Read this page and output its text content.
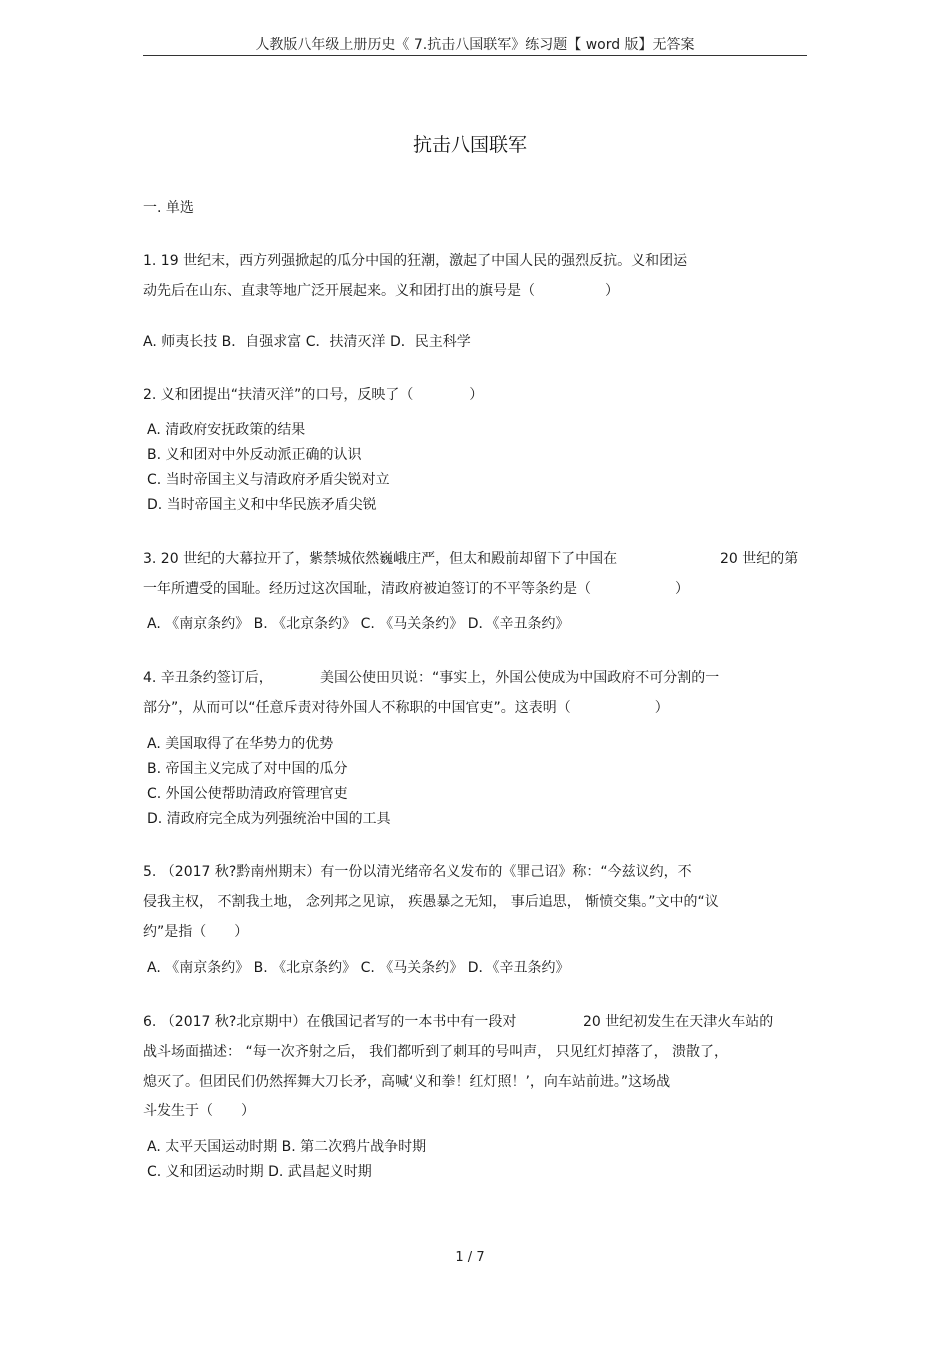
人教版八年级上册历史《 7.抗击八国联军》练习题【 word 版】无答案
抗击八国联军
一. 单选
1. 19 世纪末，西方列强掀起的瓜分中国的狂潮，激起了中国人民的强烈反抗。义和团运
动先后在山东、直隶等地广泛开展起来。义和团打出的旗号是（　　　　　）
A. 师夷长技 B．自强求富 C．扶清灭洋 D．民主科学
2. 义和团提出“扶清灭洋”的口号，反映了（　　　　）
A. 清政府安抚政策的结果
B. 义和团对中外反动派正确的认识
C. 当时帝国主义与清政府矛盾尖锐对立
D. 当时帝国主义和中华民族矛盾尖锐
3. 20 世纪的大幕拉开了，紫禁城依然巍峨庄严，但太和殿前却留下了中国在	20 世纪的第
一年所遭受的国耻。经历过这次国耻，清政府被迫签订的不平等条约是（　　　　　　）
A. 《南京条约》 B. 《北京条约》 C. 《马关条约》 D．《辛丑条约》
4. 辛丑条约签订后，	美国公使田贝说：“事实上，外国公使成为中国政府不可分割的一
部分”，从而可以“任意斥责对待外国人不称职的中国官吏”。这表明（　　　　　　）
A. 美国取得了在华势力的优势
B. 帝国主义完成了对中国的瓜分
C. 外国公使帮助清政府管理官吏
D. 清政府完全成为列强统治中国的工具
5. （2017 秋?黔南州期末）有一份以清光绪帝名义发布的《罪己诏》称：“今兹议约，不
侵我主权， 不割我土地， 念列邦之见谅， 疾愚暴之无知， 事后追思， 惭愤交集。”文中的“议
约”是指（　　）
A. 《南京条约》 B. 《北京条约》 C. 《马关条约》 D．《辛丑条约》
6. （2017 秋?北京期中）在俄国记者写的一本书中有一段对	20 世纪初发生在天津火车站的
战斗场面描述： “每一次齐射之后， 我们都听到了刺耳的号叫声， 只见红灯掉落了， 溃散了，
熄灭了。但团民们仍然挥舞大刀长矛，高喊‘义和拳！红灯照！’，向车站前进。”这场战
斗发生于（　　）
A. 太平天国运动时期 B. 第二次鸦片战争时期
C. 义和团运动时期 D. 武昌起义时期
1 / 7
